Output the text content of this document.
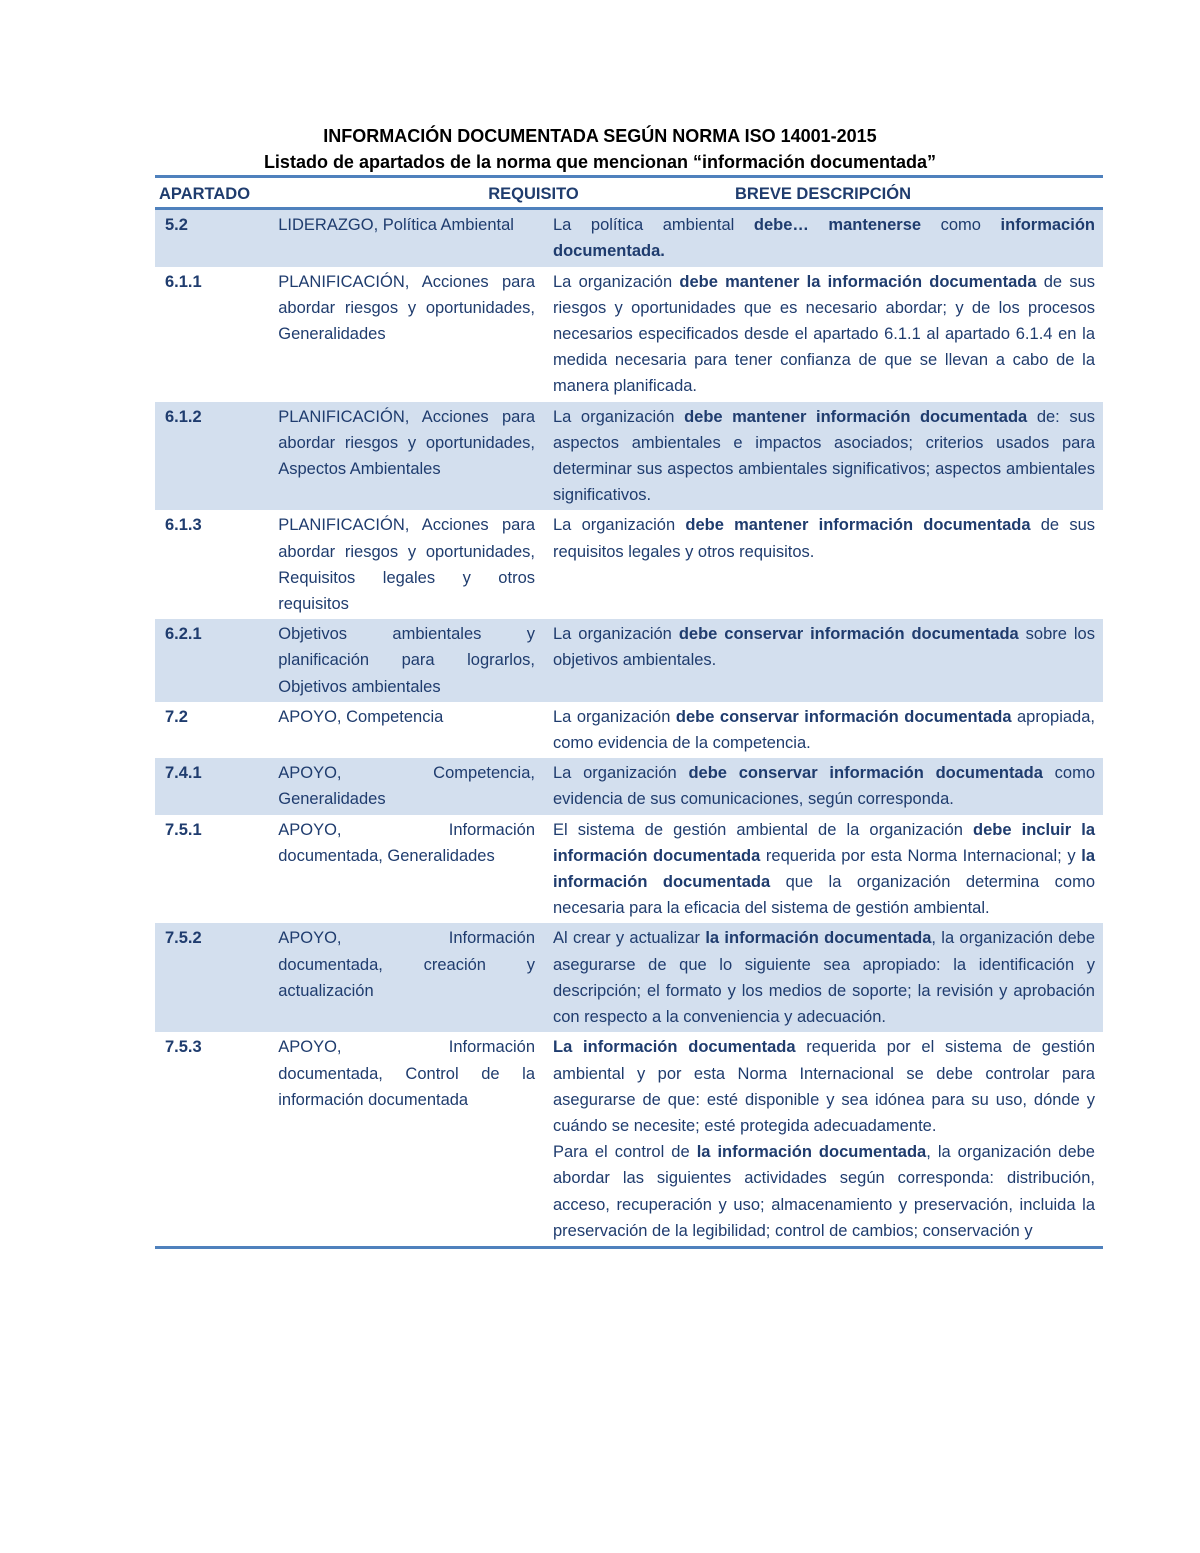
INFORMACIÓN DOCUMENTADA SEGÚN NORMA ISO 14001-2015
Listado de apartados de la norma que mencionan “información documentada”
APARTADO	REQUISITO	BREVE DESCRIPCIÓN
5.2	LIDERAZGO, Política Ambiental	La política ambiental debe… mantenerse como información documentada.
6.1.1	PLANIFICACIÓN, Acciones para abordar riesgos y oportunidades, Generalidades	La organización debe mantener la información documentada de sus riesgos y oportunidades que es necesario abordar; y de los procesos necesarios especificados desde el apartado 6.1.1 al apartado 6.1.4 en la medida necesaria para tener confianza de que se llevan a cabo de la manera planificada.
6.1.2	PLANIFICACIÓN, Acciones para abordar riesgos y oportunidades, Aspectos Ambientales	La organización debe mantener información documentada de: sus aspectos ambientales e impactos asociados; criterios usados para determinar sus aspectos ambientales significativos; aspectos ambientales significativos.
6.1.3	PLANIFICACIÓN, Acciones para abordar riesgos y oportunidades, Requisitos legales y otros requisitos	La organización debe mantener información documentada de sus requisitos legales y otros requisitos.
6.2.1	Objetivos ambientales y planificación para lograrlos, Objetivos ambientales	La organización debe conservar información documentada sobre los objetivos ambientales.
7.2	APOYO, Competencia	La organización debe conservar información documentada apropiada, como evidencia de la competencia.
7.4.1	APOYO, Competencia, Generalidades	La organización debe conservar información documentada como evidencia de sus comunicaciones, según corresponda.
7.5.1	APOYO, Información documentada, Generalidades	El sistema de gestión ambiental de la organización debe incluir la información documentada requerida por esta Norma Internacional; y la información documentada que la organización determina como necesaria para la eficacia del sistema de gestión ambiental.
7.5.2	APOYO, Información documentada, creación y actualización	Al crear y actualizar la información documentada, la organización debe asegurarse de que lo siguiente sea apropiado: la identificación y descripción; el formato y los medios de soporte; la revisión y aprobación con respecto a la conveniencia y adecuación.
7.5.3	APOYO, Información documentada, Control de la información documentada	La información documentada requerida por el sistema de gestión ambiental y por esta Norma Internacional se debe controlar para asegurarse de que: esté disponible y sea idónea para su uso, dónde y cuándo se necesite; esté protegida adecuadamente.
Para el control de la información documentada, la organización debe abordar las siguientes actividades según corresponda: distribución, acceso, recuperación y uso; almacenamiento y preservación, incluida la preservación de la legibilidad; control de cambios; conservación y
